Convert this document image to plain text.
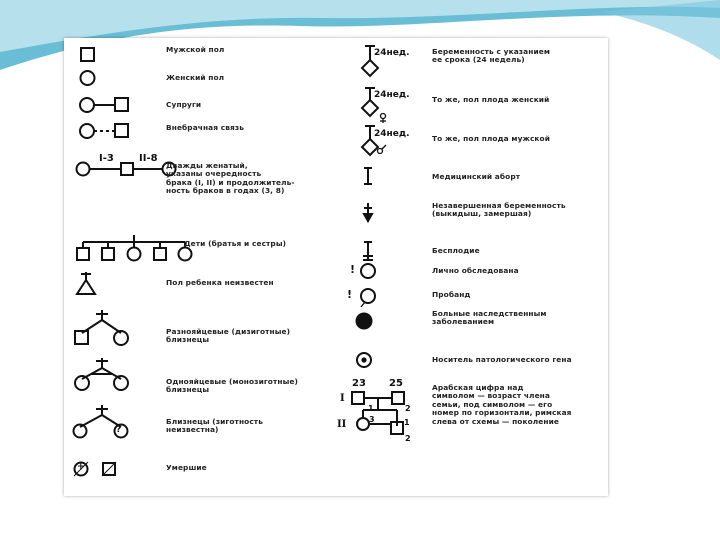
I-3	II-8
?
+
24нед.
24нед.
24нед.
!
!
23 25
I
II
1	2
3	1
2
Мужской пол
Женский пол
Супруги
Внебрачная связь
Дважды женатый,
указаны очередность
брака (I, II) и продолжитель-
ность браков в годах (3, 8)
Дети (братья и сестры)
Пол ребенка неизвестен
Разнояйцевые (дизиготные)
близнецы
Однояйцевые (монозиготные)
близнецы
Близнецы (зиготность
неизвестна)
Умершие
Беременность с указанием
ее срока (24 недель)
То же, пол плода женский
То же, пол плода мужской
Медицинский аборт
Незавершенная беременность
(выкидыш, замершая)
Бесплодие
Лично обследована
Пробанд
Больные наследственным
заболеванием
Носитель патологического гена
Арабская цифра над
символом — возраст члена
семьи, под символом — его
номер по горизонтали, римская
слева от схемы — поколение
